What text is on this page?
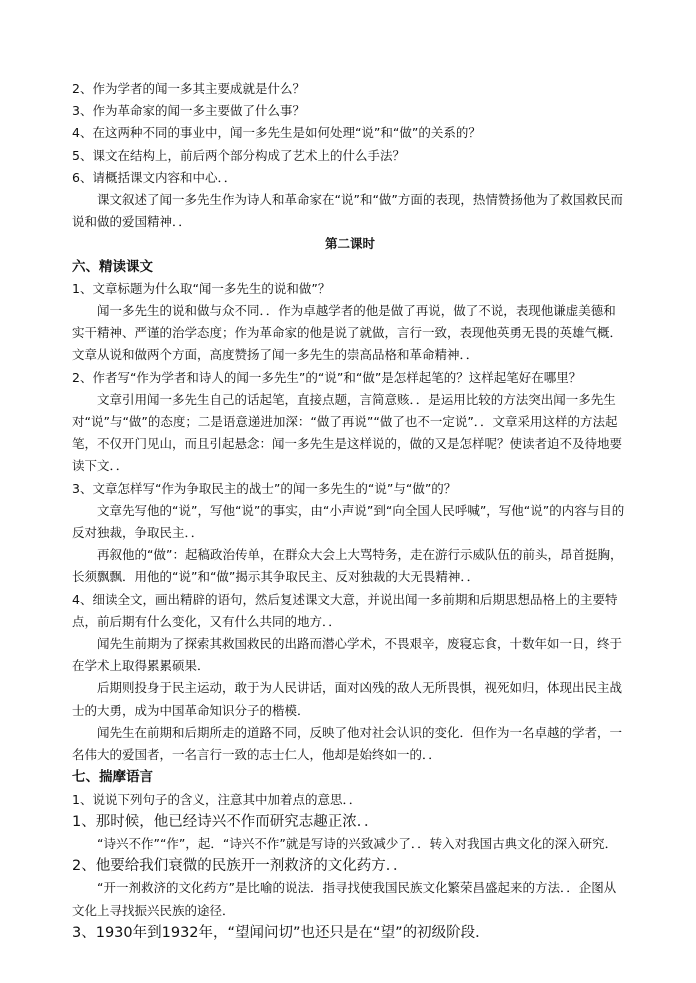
2、作为学者的闻一多其主要成就是什么？
3、作为革命家的闻一多主要做了什么事？
4、在这两种不同的事业中，闻一多先生是如何处理“说”和“做”的关系的？
5、课文在结构上，前后两个部分构成了艺术上的什么手法？
6、请概括课文内容和中心．．
课文叙述了闻一多先生作为诗人和革命家在“说”和“做”方面的表现，热情赞扬他为了救国救民而说和做的爱国精神．．
第二课时
六、精读课文
1、文章标题为什么取“闻一多先生的说和做”？
闻一多先生的说和做与众不同．．作为卓越学者的他是做了再说，做了不说，表现他谦虚美德和实干精神、严谨的治学态度；作为革命家的他是说了就做，言行一致，表现他英勇无畏的英雄气概．文章从说和做两个方面，高度赞扬了闻一多先生的崇高品格和革命精神．．
2、作者写“作为学者和诗人的闻一多先生”的“说”和“做”是怎样起笔的？这样起笔好在哪里？
文章引用闻一多先生自己的话起笔，直接点题，言简意赅．．是运用比较的方法突出闻一多先生对“说”与“做”的态度；二是语意递进加深：“做了再说”“做了也不一定说”．．文章采用这样的方法起笔，不仅开门见山，而且引起悬念：闻一多先生是这样说的，做的又是怎样呢？使读者迫不及待地要读下文．．
3、文章怎样写“作为争取民主的战士”的闻一多先生的“说”与“做”的？
文章先写他的“说”，写他“说”的事实，由“小声说”到“向全国人民呼喊”，写他“说”的内容与目的反对独裁，争取民主．．
再叙他的“做”：起稿政治传单，在群众大会上大骂特务，走在游行示威队伍的前头，昂首挺胸，长须飘飘．用他的“说”和“做”揭示其争取民主、反对独裁的大无畏精神．．
4、细读全文，画出精辟的语句，然后复述课文大意，并说出闻一多前期和后期思想品格上的主要特点，前后期有什么变化，又有什么共同的地方．．
闻先生前期为了探索其救国救民的出路而潜心学术，不畏艰辛，废寝忘食，十数年如一日，终于在学术上取得累累硕果．
后期则投身于民主运动，敢于为人民讲话，面对凶残的敌人无所畏惧，视死如归，体现出民主战士的大勇，成为中国革命知识分子的楷模．
闻先生在前期和后期所走的道路不同，反映了他对社会认识的变化．但作为一名卓越的学者，一名伟大的爱国者，一名言行一致的志士仁人，他却是始终如一的．．
七、揣摩语言
1、说说下列句子的含义，注意其中加着点的意思．．
1、那时候，他已经诗兴不作而研究志趣正浓．．
“诗兴不作”“作”，起．“诗兴不作”就是写诗的兴致减少了．．转入对我国古典文化的深入研究．
2、他要给我们衰微的民族开一剂救济的文化药方．．
“开一剂救济的文化药方”是比喻的说法．指寻找使我国民族文化繁荣昌盛起来的方法．．企图从文化上寻找振兴民族的途径．
3、1930年到1932年，“望闻问切”也还只是在“望”的初级阶段．
